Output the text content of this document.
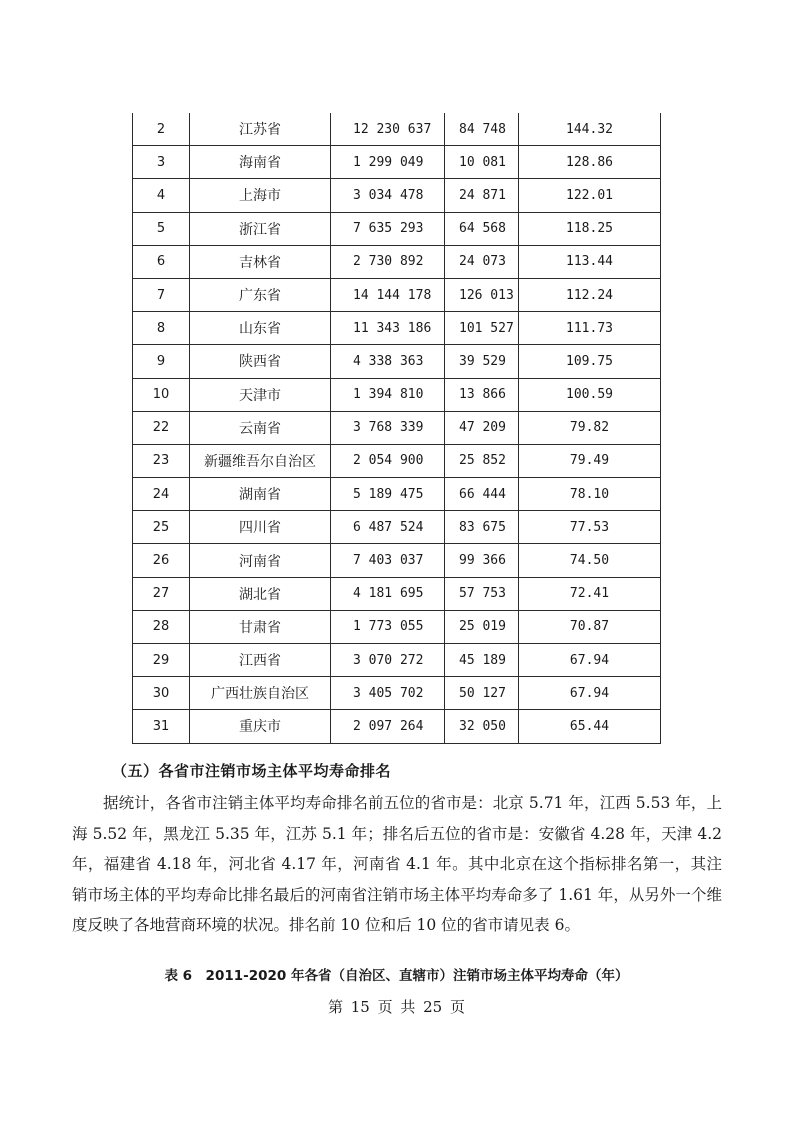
2	江苏省	12 230 637	84 748	144.32
3	海南省	1 299 049	10 081	128.86
4	上海市	3 034 478	24 871	122.01
5	浙江省	7 635 293	64 568	118.25
6	吉林省	2 730 892	24 073	113.44
7	广东省	14 144 178	126 013	112.24
8	山东省	11 343 186	101 527	111.73
9	陕西省	4 338 363	39 529	109.75
10	天津市	1 394 810	13 866	100.59
22	云南省	3 768 339	47 209	79.82
23	新疆维吾尔自治区	2 054 900	25 852	79.49
24	湖南省	5 189 475	66 444	78.10
25	四川省	6 487 524	83 675	77.53
26	河南省	7 403 037	99 366	74.50
27	湖北省	4 181 695	57 753	72.41
28	甘肃省	1 773 055	25 019	70.87
29	江西省	3 070 272	45 189	67.94
30	广西壮族自治区	3 405 702	50 127	67.94
31	重庆市	2 097 264	32 050	65.44
（五）各省市注销市场主体平均寿命排名

据统计，各省市注销主体平均寿命排名前五位的省市是：北京 5.71 年，江西 5.53 年，上海 5.52 年，黑龙江 5.35 年，江苏 5.1 年；排名后五位的省市是：安徽省 4.28 年，天津 4.2 年，福建省 4.18 年，河北省 4.17 年，河南省 4.1 年。其中北京在这个指标排名第一，其注销市场主体的平均寿命比排名最后的河南省注销市场主体平均寿命多了 1.61 年，从另外一个维度反映了各地营商环境的状况。排名前 10 位和后 10 位的省市请见表 6。

表 6　2011-2020 年各省（自治区、直辖市）注销市场主体平均寿命（年）
第 15 页 共 25 页
